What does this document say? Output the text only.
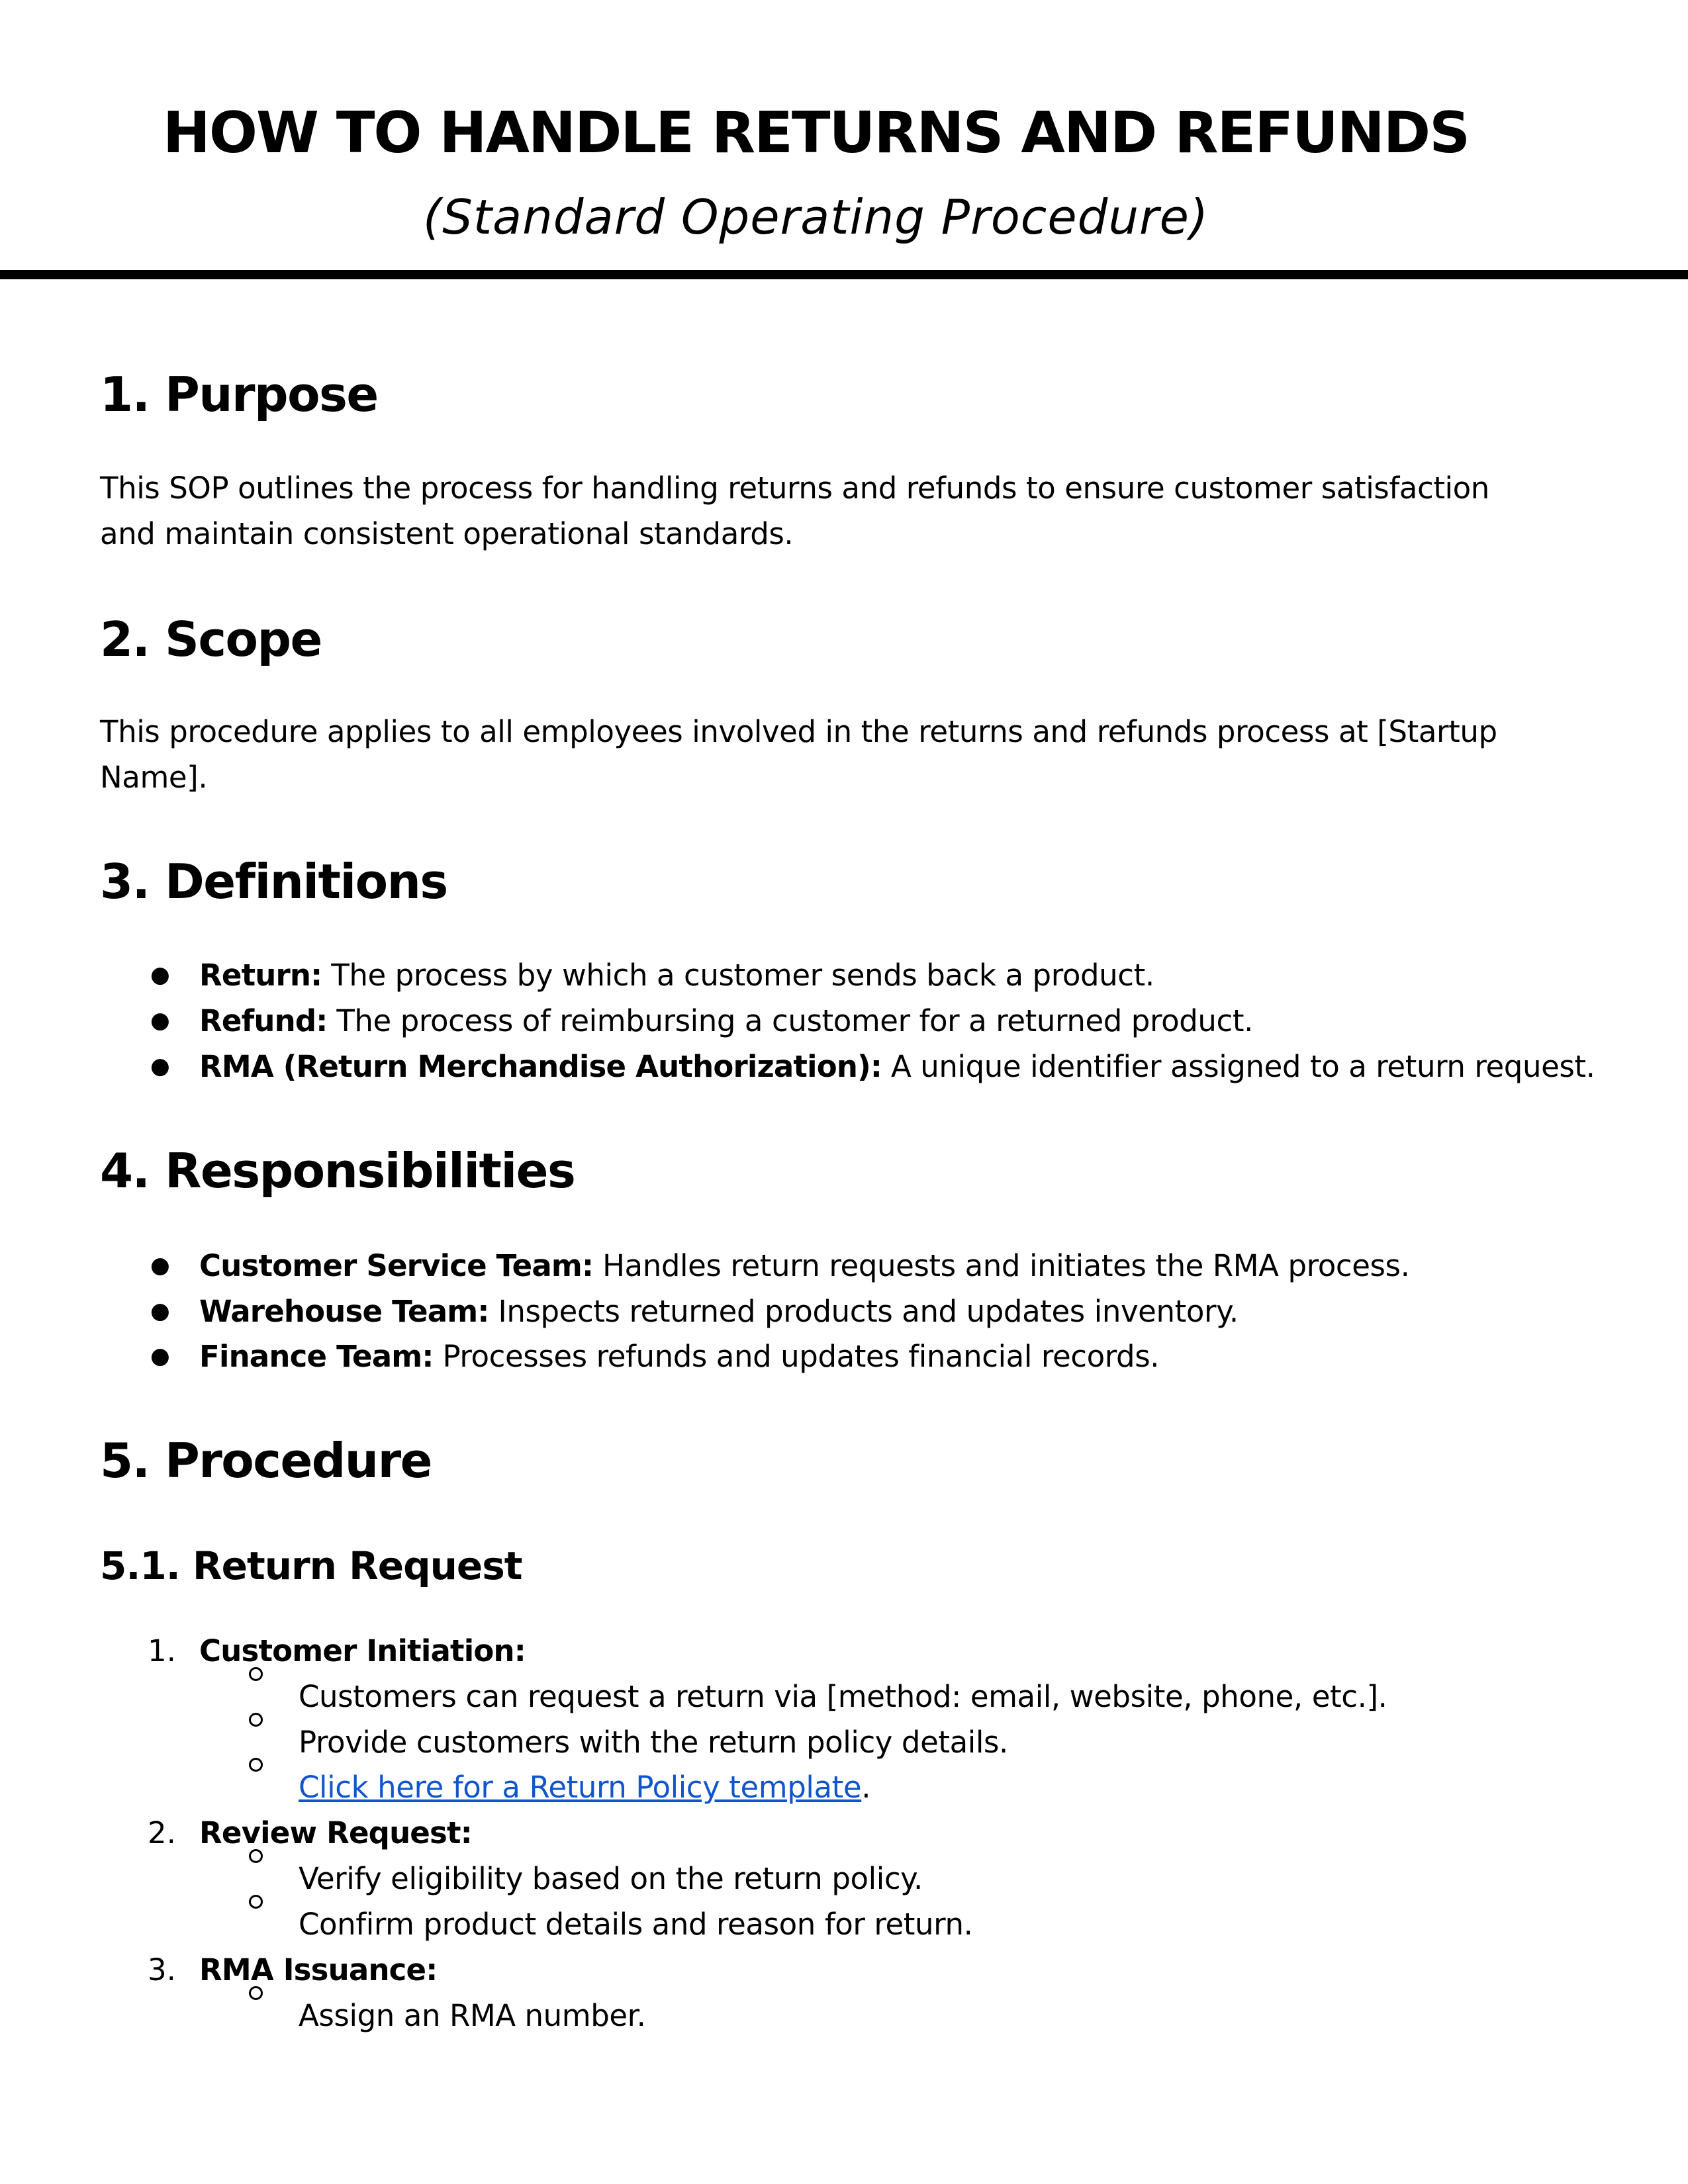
HOW TO HANDLE RETURNS AND REFUNDS
(Standard Operating Procedure)
1. Purpose
This SOP outlines the process for handling returns and refunds to ensure customer satisfaction
and maintain consistent operational standards.
2. Scope
This procedure applies to all employees involved in the returns and refunds process at [Startup
Name].
3. Definitions
● Return: The process by which a customer sends back a product.
● Refund: The process of reimbursing a customer for a returned product.
● RMA (Return Merchandise Authorization): A unique identifier assigned to a return request.
4. Responsibilities
● Customer Service Team: Handles return requests and initiates the RMA process.
● Warehouse Team: Inspects returned products and updates inventory.
● Finance Team: Processes refunds and updates financial records.
5. Procedure
5.1. Return Request
1. Customer Initiation:
Customers can request a return via [method: email, website, phone, etc.].
Provide customers with the return policy details.
Click here for a Return Policy template.
2. Review Request:
Verify eligibility based on the return policy.
Confirm product details and reason for return.
3. RMA Issuance:
Assign an RMA number.
